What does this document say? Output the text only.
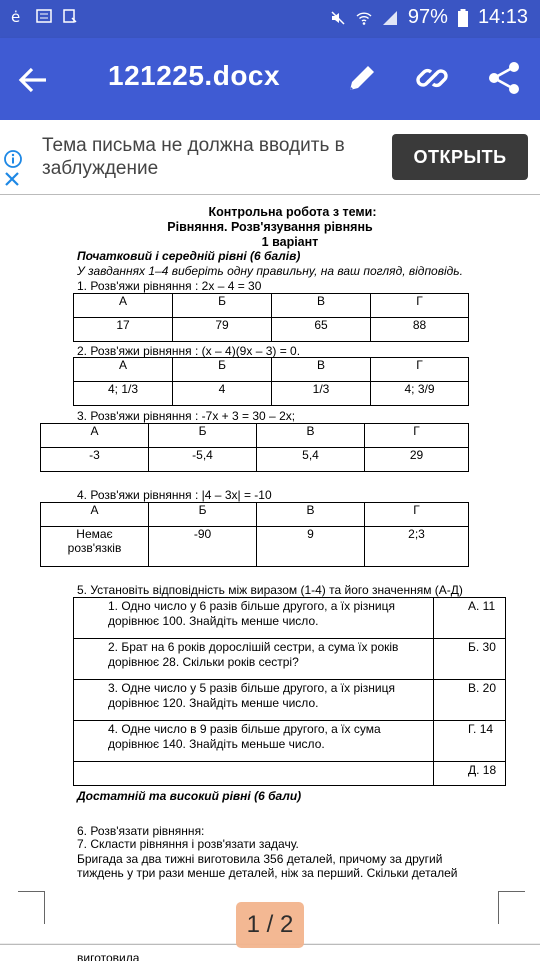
ė	97% 14:13
121225.docx
Тема письма не должна вводить в заблуждение
ОТКРЫТЬ
Контрольна робота з теми:
Рівняння. Розв'язування рівнянь
1 варіант
Початковий і середній рівні (6 балів)
У завданнях 1–4 виберіть одну правильну, на ваш погляд, відповідь.
1. Розв'яжи рівняння : 2x – 4 = 30
А	Б	В	Г
17	79	65	88
2. Розв'яжи рівняння : (x – 4)(9x – 3) = 0.
А	Б	В	Г
4; 1/3	4	1/3	4; 3/9
3. Розв'яжи рівняння : -7x + 3 = 30 – 2x;
А	Б	В	Г
-3	-5,4	5,4	29
4. Розв'яжи рівняння : |4 – 3x| = -10
А	Б	В	Г
Немає розв'язків	-90	9	2;3
5. Установіть відповідність між виразом (1-4) та його значенням (А-Д)
1. Одно число у 6 разів більше другого, а їх різниця дорівнює 100. Знайдіть менше число.	А. 11
2. Брат на 6 років дорослішій сестри, а сума їх років дорівнює 28. Скільки років сестрі?	Б. 30
3. Одне число у 5 разів більше другого, а їх різниця дорівнює 120. Знайдіть менше число.	В. 20
4. Одне число в 9 разів більше другого, а їх сума дорівнює 140. Знайдіть меньше число.	Г. 14
	Д. 18
Достатній та високий рівні (6 бали)
6. Розв'язати рівняння:
7. Скласти рівняння і розв'язати задачу.
Бригада за два тижні виготовила 356 деталей, причому за другий
тиждень у три рази менше деталей, ніж за перший. Скільки деталей
виготовила
1 / 2
